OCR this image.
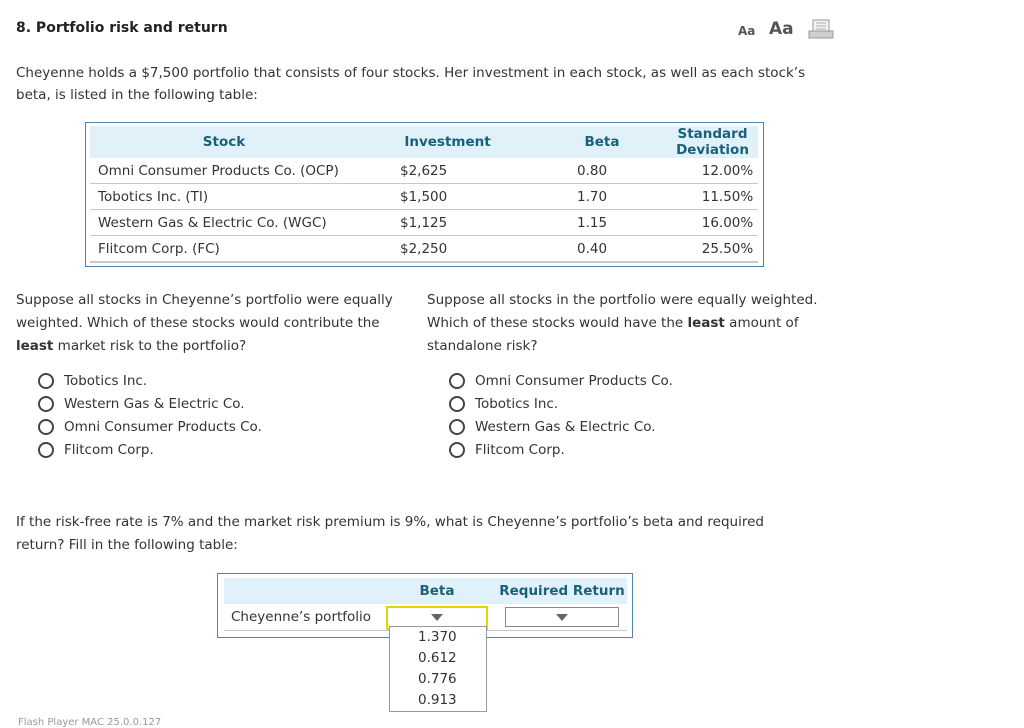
8. Portfolio risk and return	Aa Aa
Cheyenne holds a $7,500 portfolio that consists of four stocks. Her investment in each stock, as well as each stock’s beta, is listed in the following table:
Stock	Investment	Beta	Standard Deviation
Omni Consumer Products Co. (OCP)	$2,625	0.80	12.00%
Tobotics Inc. (TI)	$1,500	1.70	11.50%
Western Gas & Electric Co. (WGC)	$1,125	1.15	16.00%
Flitcom Corp. (FC)	$2,250	0.40	25.50%
Suppose all stocks in Cheyenne’s portfolio were equally weighted. Which of these stocks would contribute the least market risk to the portfolio?
Suppose all stocks in the portfolio were equally weighted. Which of these stocks would have the least amount of standalone risk?
Tobotics Inc.
Western Gas & Electric Co.
Omni Consumer Products Co.
Flitcom Corp.
Omni Consumer Products Co.
Tobotics Inc.
Western Gas & Electric Co.
Flitcom Corp.
If the risk-free rate is 7% and the market risk premium is 9%, what is Cheyenne’s portfolio’s beta and required return? Fill in the following table:
Beta	Required Return
Cheyenne’s portfolio
1.370
0.612
0.776
0.913
Flash Player MAC 25.0.0.127
